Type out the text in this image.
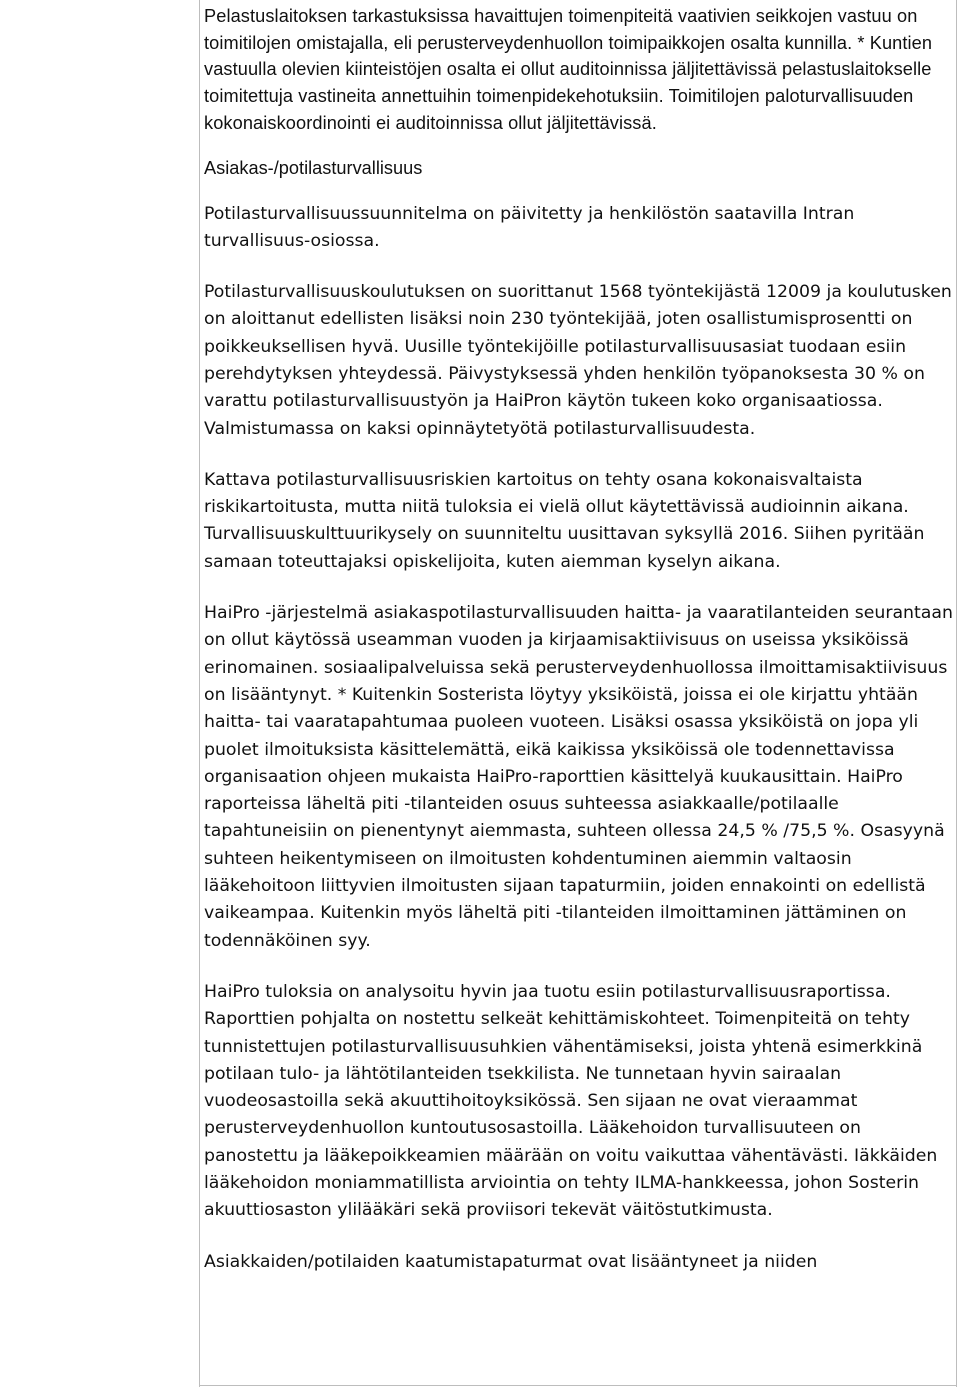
Pelastuslaitoksen tarkastuksissa havaittujen toimenpiteitä vaativien seikkojen vastuu on toimitilojen omistajalla, eli perusterveydenhuollon toimipaikkojen osalta kunnilla. * Kuntien vastuulla olevien kiinteistöjen osalta ei ollut auditoinnissa jäljitettävissä pelastuslaitokselle toimitettuja vastineita annettuihin toimenpidekehotuksiin. Toimitilojen paloturvallisuuden kokonaiskoordinointi ei auditoinnissa ollut jäljitettävissä.

Asiakas-/potilasturvallisuus

Potilasturvallisuussuunnitelma on päivitetty ja henkilöstön saatavilla Intran turvallisuus-osiossa.

Potilasturvallisuuskoulutuksen on suorittanut 1568 työntekijästä 12009 ja koulutusken on aloittanut edellisten lisäksi noin 230 työntekijää, joten osallistumisprosentti on poikkeuksellisen hyvä. Uusille työntekijöille potilasturvallisuusasiat tuodaan esiin perehdytyksen yhteydessä. Päivystyksessä yhden henkilön työpanoksesta 30 % on varattu potilasturvallisuustyön ja HaiPron käytön tukeen koko organisaatiossa. Valmistumassa on kaksi opinnäytetyötä potilasturvallisuudesta.

Kattava potilasturvallisuusriskien kartoitus on tehty osana kokonaisvaltaista riskikartoitusta, mutta niitä tuloksia ei vielä ollut käytettävissä audioinnin aikana. Turvallisuuskulttuurikysely on suunniteltu uusittavan syksyllä 2016. Siihen pyritään samaan toteuttajaksi opiskelijoita, kuten aiemman kyselyn aikana.

HaiPro -järjestelmä asiakaspotilasturvallisuuden haitta- ja vaaratilanteiden seurantaan on ollut käytössä useamman vuoden ja kirjaamisaktiivisuus on useissa yksiköissä erinomainen. sosiaalipalveluissa sekä perusterveydenhuollossa ilmoittamisaktiivisuus on lisääntynyt. * Kuitenkin Sosterista löytyy yksiköistä, joissa ei ole kirjattu yhtään haitta- tai vaaratapahtumaa puoleen vuoteen. Lisäksi osassa yksiköistä on jopa yli puolet ilmoituksista käsittelemättä, eikä kaikissa yksiköissä ole todennettavissa organisaation ohjeen mukaista HaiPro-raporttien käsittelyä kuukausittain. HaiPro raporteissa läheltä piti -tilanteiden osuus suhteessa asiakkaalle/potilaalle tapahtuneisiin on pienentynyt aiemmasta, suhteen ollessa 24,5 % /75,5 %. Osasyynä suhteen heikentymiseen on ilmoitusten kohdentuminen aiemmin valtaosin lääkehoitoon liittyvien ilmoitusten sijaan tapaturmiin, joiden ennakointi on edellistä vaikeampaa. Kuitenkin myös läheltä piti -tilanteiden ilmoittaminen jättäminen on todennäköinen syy.

HaiPro tuloksia on analysoitu hyvin jaa tuotu esiin potilasturvallisuusraportissa. Raporttien pohjalta on nostettu selkeät kehittämiskohteet. Toimenpiteitä on tehty tunnistettujen potilasturvallisuusuhkien vähentämiseksi, joista yhtenä esimerkkinä potilaan tulo- ja lähtötilanteiden tsekkilista. Ne tunnetaan hyvin sairaalan vuodeosastoilla sekä akuuttihoitoyksikössä. Sen sijaan ne ovat vieraammat perusterveydenhuollon kuntoutusosastoilla. Lääkehoidon turvallisuuteen on panostettu ja lääkepoikkeamien määrään on voitu vaikuttaa vähentävästi. Iäkkäiden lääkehoidon moniammatillista arviointia on tehty ILMA-hankkeessa, johon Sosterin akuuttiosaston ylilääkäri sekä proviisori tekevät väitöstutkimusta.

Asiakkaiden/potilaiden kaatumistapaturmat ovat lisääntyneet ja niiden
